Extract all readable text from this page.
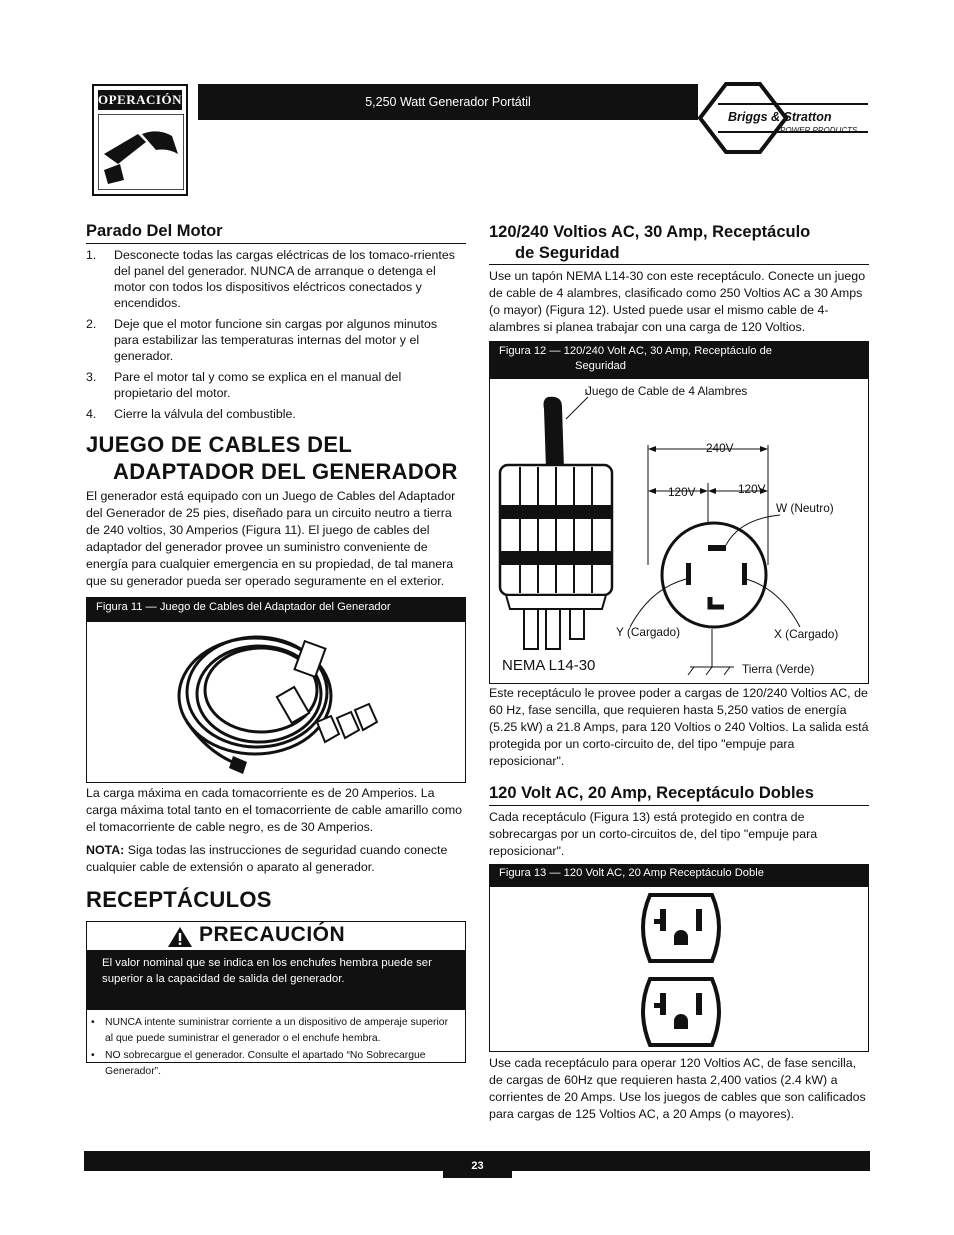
OPERACIÓN	5,250 Watt Generador Portátil
Briggs & Stratton
POWER PRODUCTS
Parado Del Motor
1. Desconecte todas las cargas eléctricas de los tomaco-rrientes del panel del generador. NUNCA de arranque o detenga el motor con todos los dispositivos eléctricos conectados y encendidos.
2. Deje que el motor funcione sin cargas por algunos minutos para estabilizar las temperaturas internas del motor y el generador.
3. Pare el motor tal y como se explica en el manual del propietario del motor.
4. Cierre la válvula del combustible.
JUEGO DE CABLES DEL
ADAPTADOR DEL GENERADOR
El generador está equipado con un Juego de Cables del Adaptador del Generador de 25 pies, diseñado para un circuito neutro a tierra de 240 voltios, 30 Amperios (Figura 11). El juego de cables del adaptador del generador provee un suministro conveniente de energía para cualquier emergencia en su propiedad, de tal manera que su generador pueda ser operado seguramente en el exterior.
Figura 11 — Juego de Cables del Adaptador del Generador
La carga máxima en cada tomacorriente es de 20 Amperios. La carga máxima total tanto en el tomacorriente de cable amarillo como el tomacorriente de cable negro, es de 30 Amperios.
NOTA: Siga todas las instrucciones de seguridad cuando conecte cualquier cable de extensión o aparato al generador.
RECEPTÁCULOS
PRECAUCIÓN
El valor nominal que se indica en los enchufes hembra puede ser superior a la capacidad de salida del generador.
• NUNCA intente suministrar corriente a un dispositivo de amperaje superior al que puede suministrar el generador o el enchufe hembra.
• NO sobrecargue el generador. Consulte el apartado “No Sobrecargue Generador”.
120/240 Voltios AC, 30 Amp, Receptáculo
de Seguridad
Use un tapón NEMA L14-30 con este receptáculo. Conecte un juego de cable de 4 alambres, clasificado como 250 Voltios AC a 30 Amps (o mayor) (Figura 12). Usted puede usar el mismo cable de 4-alambres si planea trabajar con una carga de 120 Voltios.
Figura 12 — 120/240 Volt AC, 30 Amp, Receptáculo de
Seguridad
Juego de Cable de 4 Alambres
240V
120V	120V
W (Neutro)
Y (Cargado)	X (Cargado)
NEMA L14-30	Tierra (Verde)
Este receptáculo le provee poder a cargas de 120/240 Voltios AC, de 60 Hz, fase sencilla, que requieren hasta 5,250 vatios de energía (5.25 kW) a 21.8 Amps, para 120 Voltios o 240 Voltios. La salida está protegida por un corto-circuito de, del tipo "empuje para reposicionar".
120 Volt AC, 20 Amp, Receptáculo Dobles
Cada receptáculo (Figura 13) está protegido en contra de sobrecargas por un corto-circuitos de, del tipo "empuje para reposicionar".
Figura 13 — 120 Volt AC, 20 Amp Receptáculo Doble
Use cada receptáculo para operar 120 Voltios AC, de fase sencilla, de cargas de 60Hz que requieren hasta 2,400 vatios (2.4 kW) a corrientes de 20 Amps. Use los juegos de cables que son calificados para cargas de 125 Voltios AC, a 20 Amps (o mayores).
23
